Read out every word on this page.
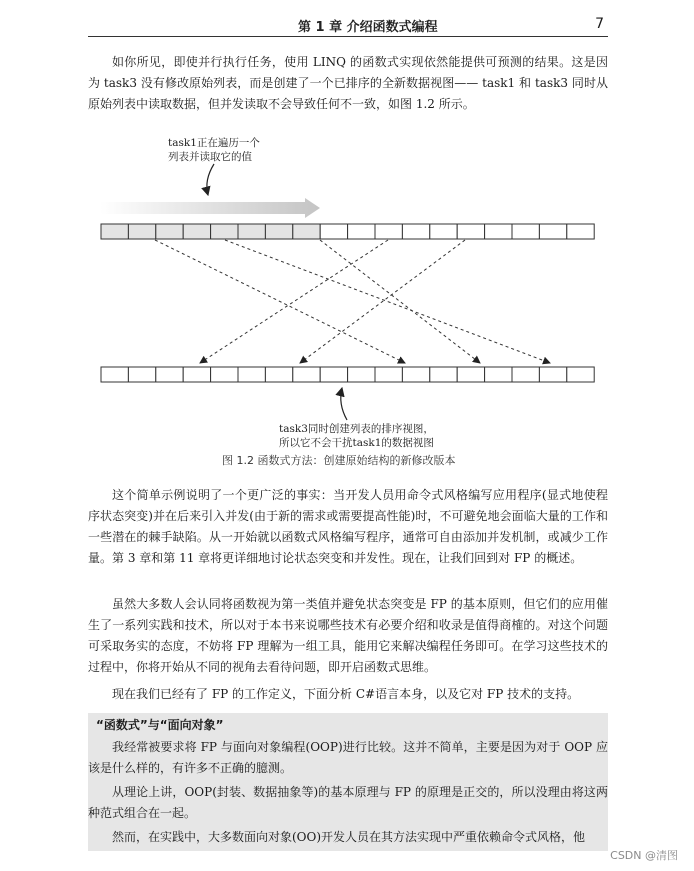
第 1 章 介绍函数式编程	7

如你所见，即使并行执行任务，使用 LINQ 的函数式实现依然能提供可预测的结果。这是因为 task3 没有修改原始列表，而是创建了一个已排序的全新数据视图—— task1 和 task3 同时从原始列表中读取数据，但并发读取不会导致任何不一致，如图 1.2 所示。

task1正在遍历一个
列表并读取它的值
task3同时创建列表的排序视图，
所以它不会干扰task1的数据视图
图 1.2 函数式方法：创建原始结构的新修改版本

这个简单示例说明了一个更广泛的事实：当开发人员用命令式风格编写应用程序(显式地使程序状态突变)并在后来引入并发(由于新的需求或需要提高性能)时，不可避免地会面临大量的工作和一些潜在的棘手缺陷。从一开始就以函数式风格编写程序，通常可自由添加并发机制，或减少工作量。第 3 章和第 11 章将更详细地讨论状态突变和并发性。现在，让我们回到对 FP 的概述。

虽然大多数人会认同将函数视为第一类值并避免状态突变是 FP 的基本原则，但它们的应用催生了一系列实践和技术，所以对于本书来说哪些技术有必要介绍和收录是值得商榷的。对这个问题可采取务实的态度，不妨将 FP 理解为一组工具，能用它来解决编程任务即可。在学习这些技术的过程中，你将开始从不同的视角去看待问题，即开启函数式思维。

现在我们已经有了 FP 的工作定义，下面分析 C#语言本身，以及它对 FP 技术的支持。

“函数式”与“面向对象”

我经常被要求将 FP 与面向对象编程(OOP)进行比较。这并不简单，主要是因为对于 OOP 应该是什么样的，有许多不正确的臆测。

从理论上讲，OOP(封装、数据抽象等)的基本原理与 FP 的原理是正交的，所以没理由将这两种范式组合在一起。

然而，在实践中，大多数面向对象(OO)开发人员在其方法实现中严重依赖命令式风格，他

CSDN @清图
